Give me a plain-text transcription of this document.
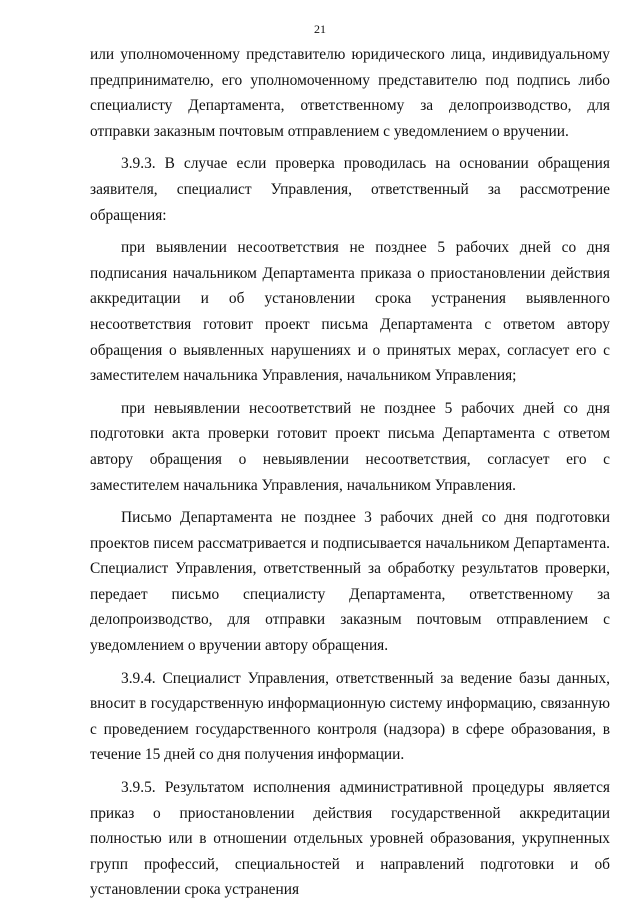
21

или уполномоченному представителю юридического лица, индивидуальному предпринимателю, его уполномоченному представителю под подпись либо специалисту Департамента, ответственному за делопроизводство, для отправки заказным почтовым отправлением с уведомлением о вручении.

3.9.3. В случае если проверка проводилась на основании обращения заявителя, специалист Управления, ответственный за рассмотрение обращения:

при выявлении несоответствия не позднее 5 рабочих дней со дня подписания начальником Департамента приказа о приостановлении действия аккредитации и об установлении срока устранения выявленного несоответствия готовит проект письма Департамента с ответом автору обращения о выявленных нарушениях и о принятых мерах, согласует его с заместителем начальника Управления, начальником Управления;

при невыявлении несоответствий не позднее 5 рабочих дней со дня подготовки акта проверки готовит проект письма Департамента с ответом автору обращения о невыявлении несоответствия, согласует его с заместителем начальника Управления, начальником Управления.

Письмо Департамента не позднее 3 рабочих дней со дня подготовки проектов писем рассматривается и подписывается начальником Департамента. Специалист Управления, ответственный за обработку результатов проверки, передает письмо специалисту Департамента, ответственному за делопроизводство, для отправки заказным почтовым отправлением с уведомлением о вручении автору обращения.

3.9.4. Специалист Управления, ответственный за ведение базы данных, вносит в государственную информационную систему информацию, связанную с проведением государственного контроля (надзора) в сфере образования, в течение 15 дней со дня получения информации.

3.9.5. Результатом исполнения административной процедуры является приказ о приостановлении действия государственной аккредитации полностью или в отношении отдельных уровней образования, укрупненных групп профессий, специальностей и направлений подготовки и об установлении срока устранения
